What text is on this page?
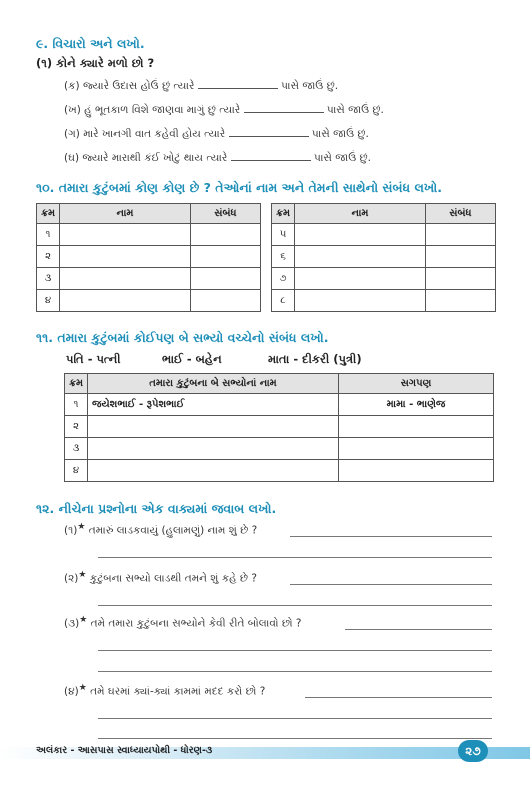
૯. વિચારો અને લખો.
(૧) કોને ક્યારે મળો છો ?
(ક) જ્યારે ઉદાસ હોઉં છું ત્યારે	પાસે જાઉં છું.
(ખ) હું ભૂતકાળ વિશે જાણવા માગું છું ત્યારે	પાસે જાઉં છું.
(ગ) મારે ખાનગી વાત કહેવી હોય ત્યારે	પાસે જાઉં છું.
(ઘ) જ્યારે મારાથી કંઈ ખોટું થાય ત્યારે	પાસે જાઉં છું.
૧૦. તમારા કુટુંબમાં કોણ કોણ છે ? તેઓનાં નામ અને તેમની સાથેનો સંબંધ લખો.
ક્રમ	નામ	સંબંધ
૧		
૨		
૩		
૪		
ક્રમ	નામ	સંબંધ
૫		
૬		
૭		
૮		
૧૧. તમારા કુટુંબમાં કોઈપણ બે સભ્યો વચ્ચેનો સંબંધ લખો.
પતિ - પત્ની	ભાઈ - બહેન	માતા - દીકરી (પુત્રી)
ક્રમ	તમારા કુટુંબના બે સભ્યોનાં નામ	સગપણ
૧	જયેશભાઈ - રૂપેશભાઈ	મામા - ભાણેજ
૨		
૩		
૪		
૧૨. નીચેના પ્રશ્નોના એક વાક્યમાં જવાબ લખો.
(૧)★ તમારું લાડકવાયું (હુલામણું) નામ શું છે ?
(૨)★ કુટુંબના સભ્યો લાડથી તમને શું કહે છે ?
(૩)★ તમે તમારા કુટુંબના સભ્યોને કેવી રીતે બોલાવો છો ?
(૪)★ તમે ઘરમાં ક્યાં-ક્યાં કામમાં મદદ કરો છો ?
અલંકાર - આસપાસ સ્વાધ્યાયપોથી - ધોરણ-૩	૨૭
